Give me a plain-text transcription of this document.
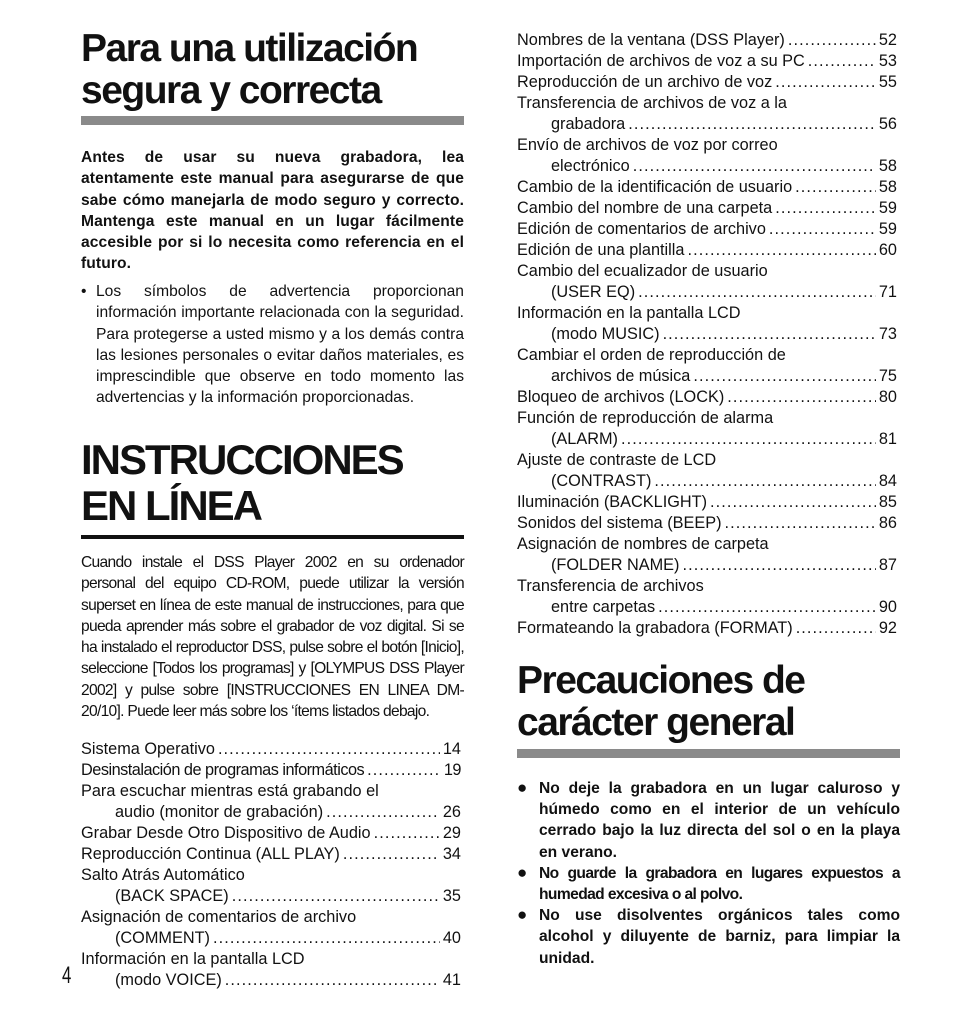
Para una utilización
segura y correcta

Antes de usar su nueva grabadora, lea atentamente este manual para asegurarse de que sabe cómo manejarla de modo seguro y correcto. Mantenga este manual en un lugar fácilmente accesible por si lo necesita como referencia en el futuro.

• Los símbolos de advertencia proporcionan información importante relacionada con la seguridad. Para protegerse a usted mismo y a los demás contra las lesiones personales o evitar daños materiales, es imprescindible que observe en todo momento las advertencias y la información proporcionadas.
INSTRUCCIONES
EN LÍNEA

Cuando instale el DSS Player 2002 en su ordenador personal del equipo CD-ROM, puede utilizar la versión superset en línea de este manual de instrucciones, para que pueda aprender más sobre el grabador de voz digital. Si se ha instalado el reproductor DSS, pulse sobre el botón [Inicio], seleccione [Todos los programas] y [OLYMPUS DSS Player 2002] y pulse sobre [INSTRUCCIONES EN LINEA DM-20/10]. Puede leer más sobre los ‘ítems listados debajo.

Sistema Operativo .....	14
Desinstalación de programas informáticos .....	19
Para escuchar mientras está grabando el
audio (monitor de grabación) .....	26
Grabar Desde Otro Dispositivo de Audio .....	29
Reproducción Continua (ALL PLAY) .....	34
Salto Atrás Automático
(BACK SPACE) .....	35
Asignación de comentarios de archivo
(COMMENT) .....	40
Información en la pantalla LCD
(modo VOICE) .....	41
Nombres de la ventana (DSS Player) .....	52
Importación de archivos de voz a su PC .....	53
Reproducción de un archivo de voz .....	55
Transferencia de archivos de voz a la
grabadora .....	56
Envío de archivos de voz por correo
electrónico .....	58
Cambio de la identificación de usuario .....	58
Cambio del nombre de una carpeta .....	59
Edición de comentarios de archivo .....	59
Edición de una plantilla .....	60
Cambio del ecualizador de usuario
(USER EQ) .....	71
Información en la pantalla LCD
(modo MUSIC) .....	73
Cambiar el orden de reproducción de
archivos de música .....	75
Bloqueo de archivos (LOCK) .....	80
Función de reproducción de alarma
(ALARM) .....	81
Ajuste de contraste de LCD
(CONTRAST) .....	84
Iluminación (BACKLIGHT) .....	85
Sonidos del sistema (BEEP) .....	86
Asignación de nombres de carpeta
(FOLDER NAME) .....	87
Transferencia de archivos
entre carpetas .....	90
Formateando la grabadora (FORMAT) .....	92
Precauciones de
carácter general
● No deje la grabadora en un lugar caluroso y húmedo como en el interior de un vehículo cerrado bajo la luz directa del sol o en la playa en verano.
● No guarde la grabadora en lugares expuestos a humedad excesiva o al polvo.
● No use disolventes orgánicos tales como alcohol y diluyente de barniz, para limpiar la unidad.
4
